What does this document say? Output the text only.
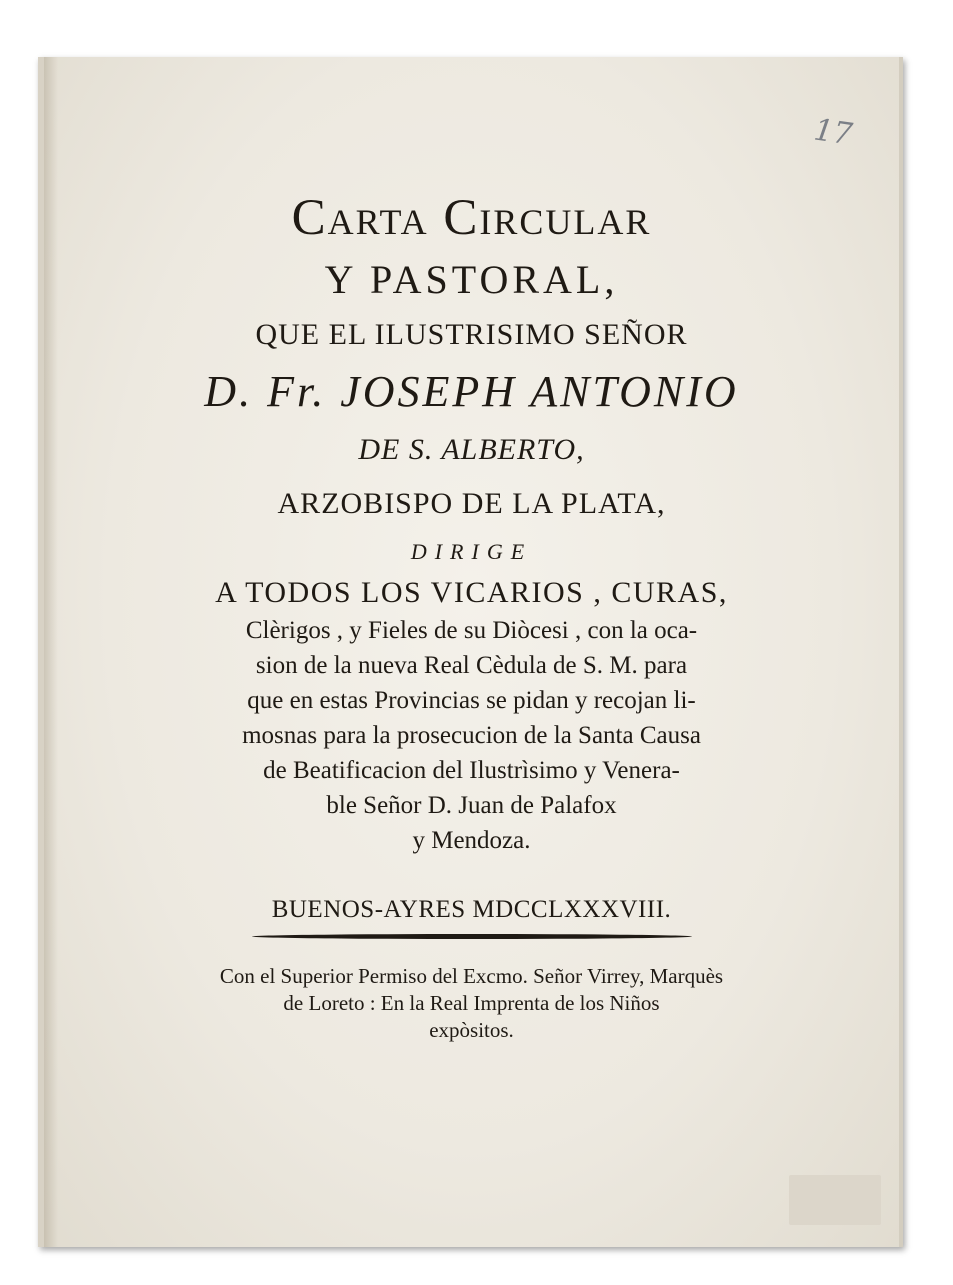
17
Carta Circular
Y PASTORAL,
QUE EL ILUSTRISIMO SEÑOR
D. Fr. JOSEPH ANTONIO
DE S. ALBERTO,
ARZOBISPO DE LA PLATA,
DIRIGE
A TODOS LOS VICARIOS , CURAS,
Clèrigos , y Fieles de su Diòcesi , con la oca-
sion de la nueva Real Cèdula de S. M. para
que en estas Provincias se pidan y recojan li-
mosnas para la prosecucion de la Santa Causa
de Beatificacion del Ilustrìsimo y Venera-
ble Señor D. Juan de Palafox
y Mendoza.
BUENOS-AYRES MDCCLXXXVIII.
Con el Superior Permiso del Excmo. Señor Virrey, Marquès
de Loreto : En la Real Imprenta de los Niños
expòsitos.
